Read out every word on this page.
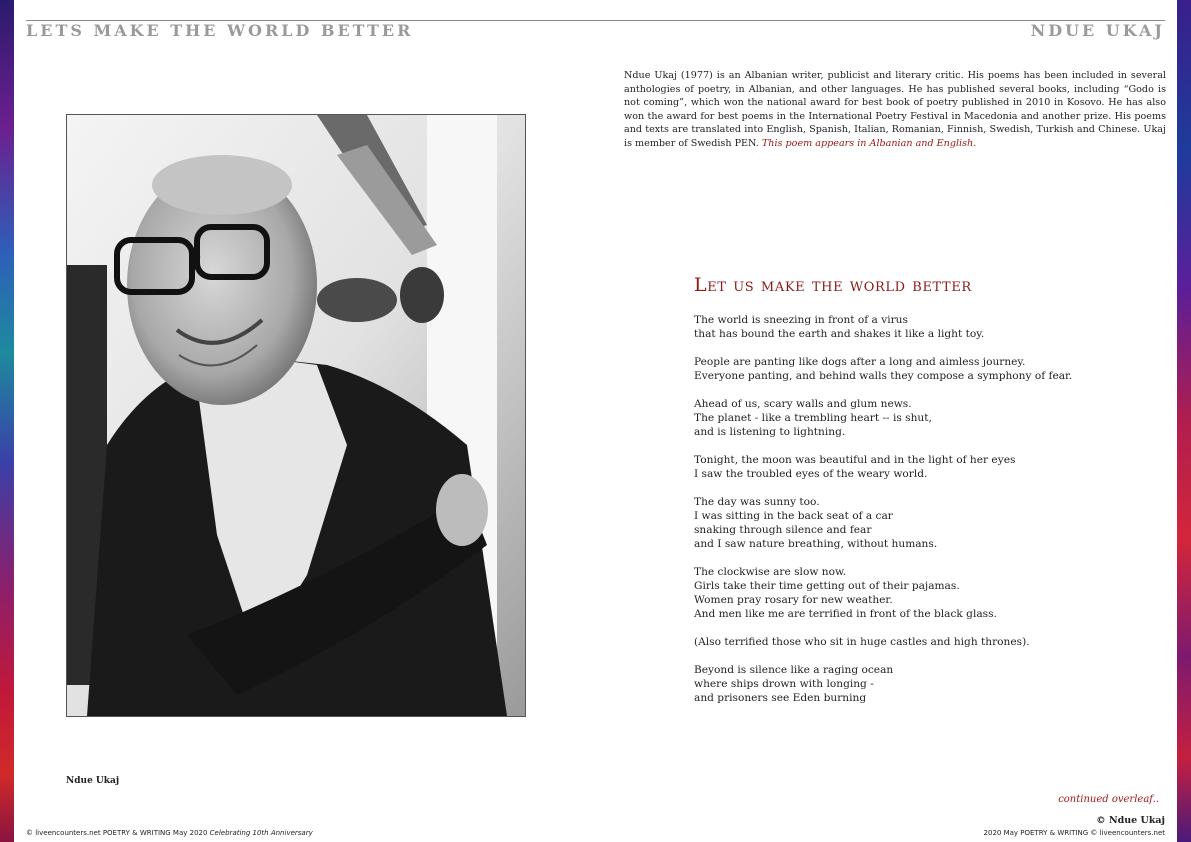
LETS MAKE THE WORLD BETTER	NDUE UKAJ
Ndue Ukaj (1977) is an Albanian writer, publicist and literary critic. His poems has been included in several anthologies of poetry, in Albanian, and other languages. He has published several books, including “Godo is not coming”, which won the national award for best book of poetry published in 2010 in Kosovo. He has also won the award for best poems in the International Poetry Festival in Macedonia and another prize. His poems and texts are translated into English, Spanish, Italian, Romanian, Finnish, Swedish, Turkish and Chinese. Ukaj is member of Swedish PEN. This poem appears in Albanian and English.
Let us make the world better
The world is sneezing in front of a virus
that has bound the earth and shakes it like a light toy.
People are panting like dogs after a long and aimless journey.
Everyone panting, and behind walls they compose a symphony of fear.
Ahead of us, scary walls and glum news.
The planet - like a trembling heart -- is shut,
and is listening to lightning.
Tonight, the moon was beautiful and in the light of her eyes
I saw the troubled eyes of the weary world.
The day was sunny too.
I was sitting in the back seat of a car
snaking through silence and fear
and I saw nature breathing, without humans.
The clockwise are slow now.
Girls take their time getting out of their pajamas.
Women pray rosary for new weather.
And men like me are terrified in front of the black glass.
(Also terrified those who sit in huge castles and high thrones).
Beyond is silence like a raging ocean
where ships drown with longing -
and prisoners see Eden burning
Ndue Ukaj
continued overleaf..
© Ndue Ukaj
© liveencounters.net POETRY & WRITING May 2020 Celebrating 10th Anniversary	2020 May POETRY & WRITING © liveencounters.net
